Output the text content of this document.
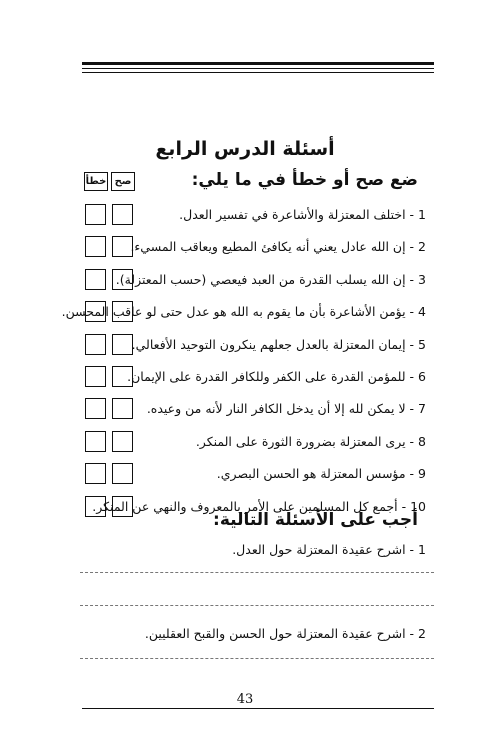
أسئلة الدرس الرابع
ضع صح أو خطأ في ما يلي:
صح
خطأ
1 - اختلف المعتزلة والأشاعرة في تفسير العدل.
2 - إن الله عادل يعني أنه يكافئ المطيع ويعاقب المسيء.
3 - إن الله يسلب القدرة من العبد فيعصي (حسب المعتزلة).
4 - يؤمن الأشاعرة بأن ما يقوم به الله هو عدل حتى لو عاقب المحسن.
5 - إيمان المعتزلة بالعدل جعلهم ينكرون التوحيد الأفعالي.
6 - للمؤمن القدرة على الكفر وللكافر القدرة على الإيمان.
7 - لا يمكن لله إلا أن يدخل الكافر النار لأنه من وعيده.
8 - يرى المعتزلة بضرورة الثورة على المنكر.
9 - مؤسس المعتزلة هو الحسن البصري.
10 - أجمع كل المسلمين على الأمر بالمعروف والنهي عن المنكر.
أجب على الأسئلة التالية:
1 - اشرح عقيدة المعتزلة حول العدل.
2 - اشرح عقيدة المعتزلة حول الحسن والقبح العقليين.
43
